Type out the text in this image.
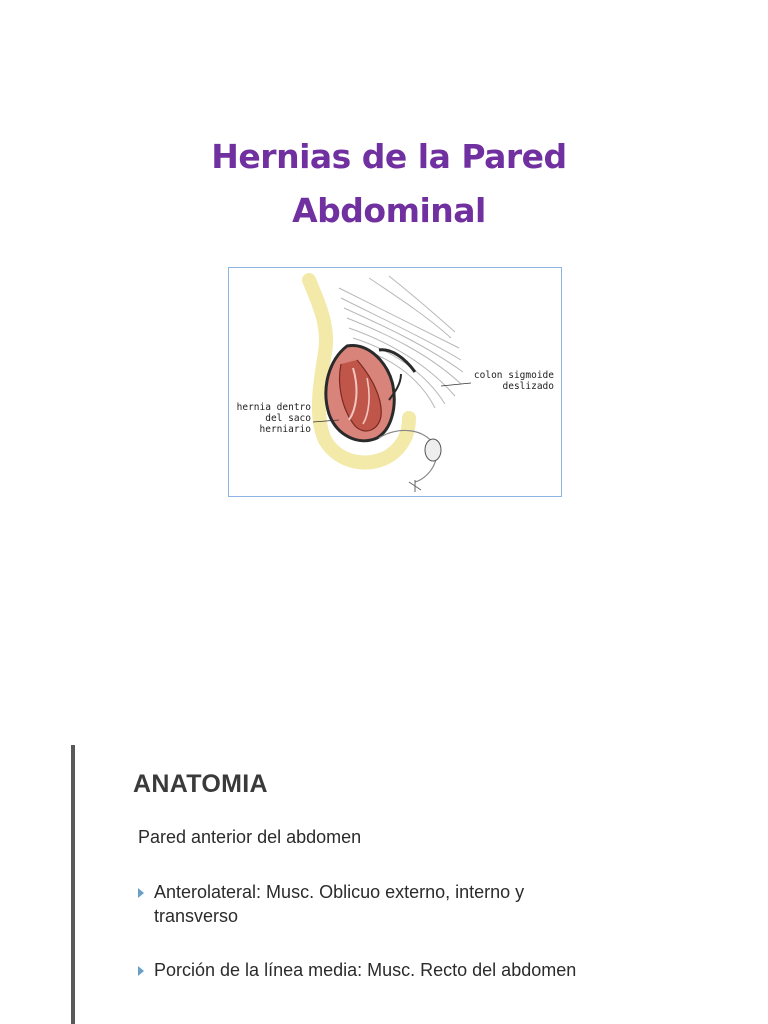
Hernias de la Pared
Abdominal
colon sigmoide
deslizado
hernia dentro
del saco
herniario
ANATOMIA
Pared anterior del abdomen
Anterolateral: Musc. Oblicuo externo, interno y transverso
Porción de la línea media: Musc. Recto del abdomen
